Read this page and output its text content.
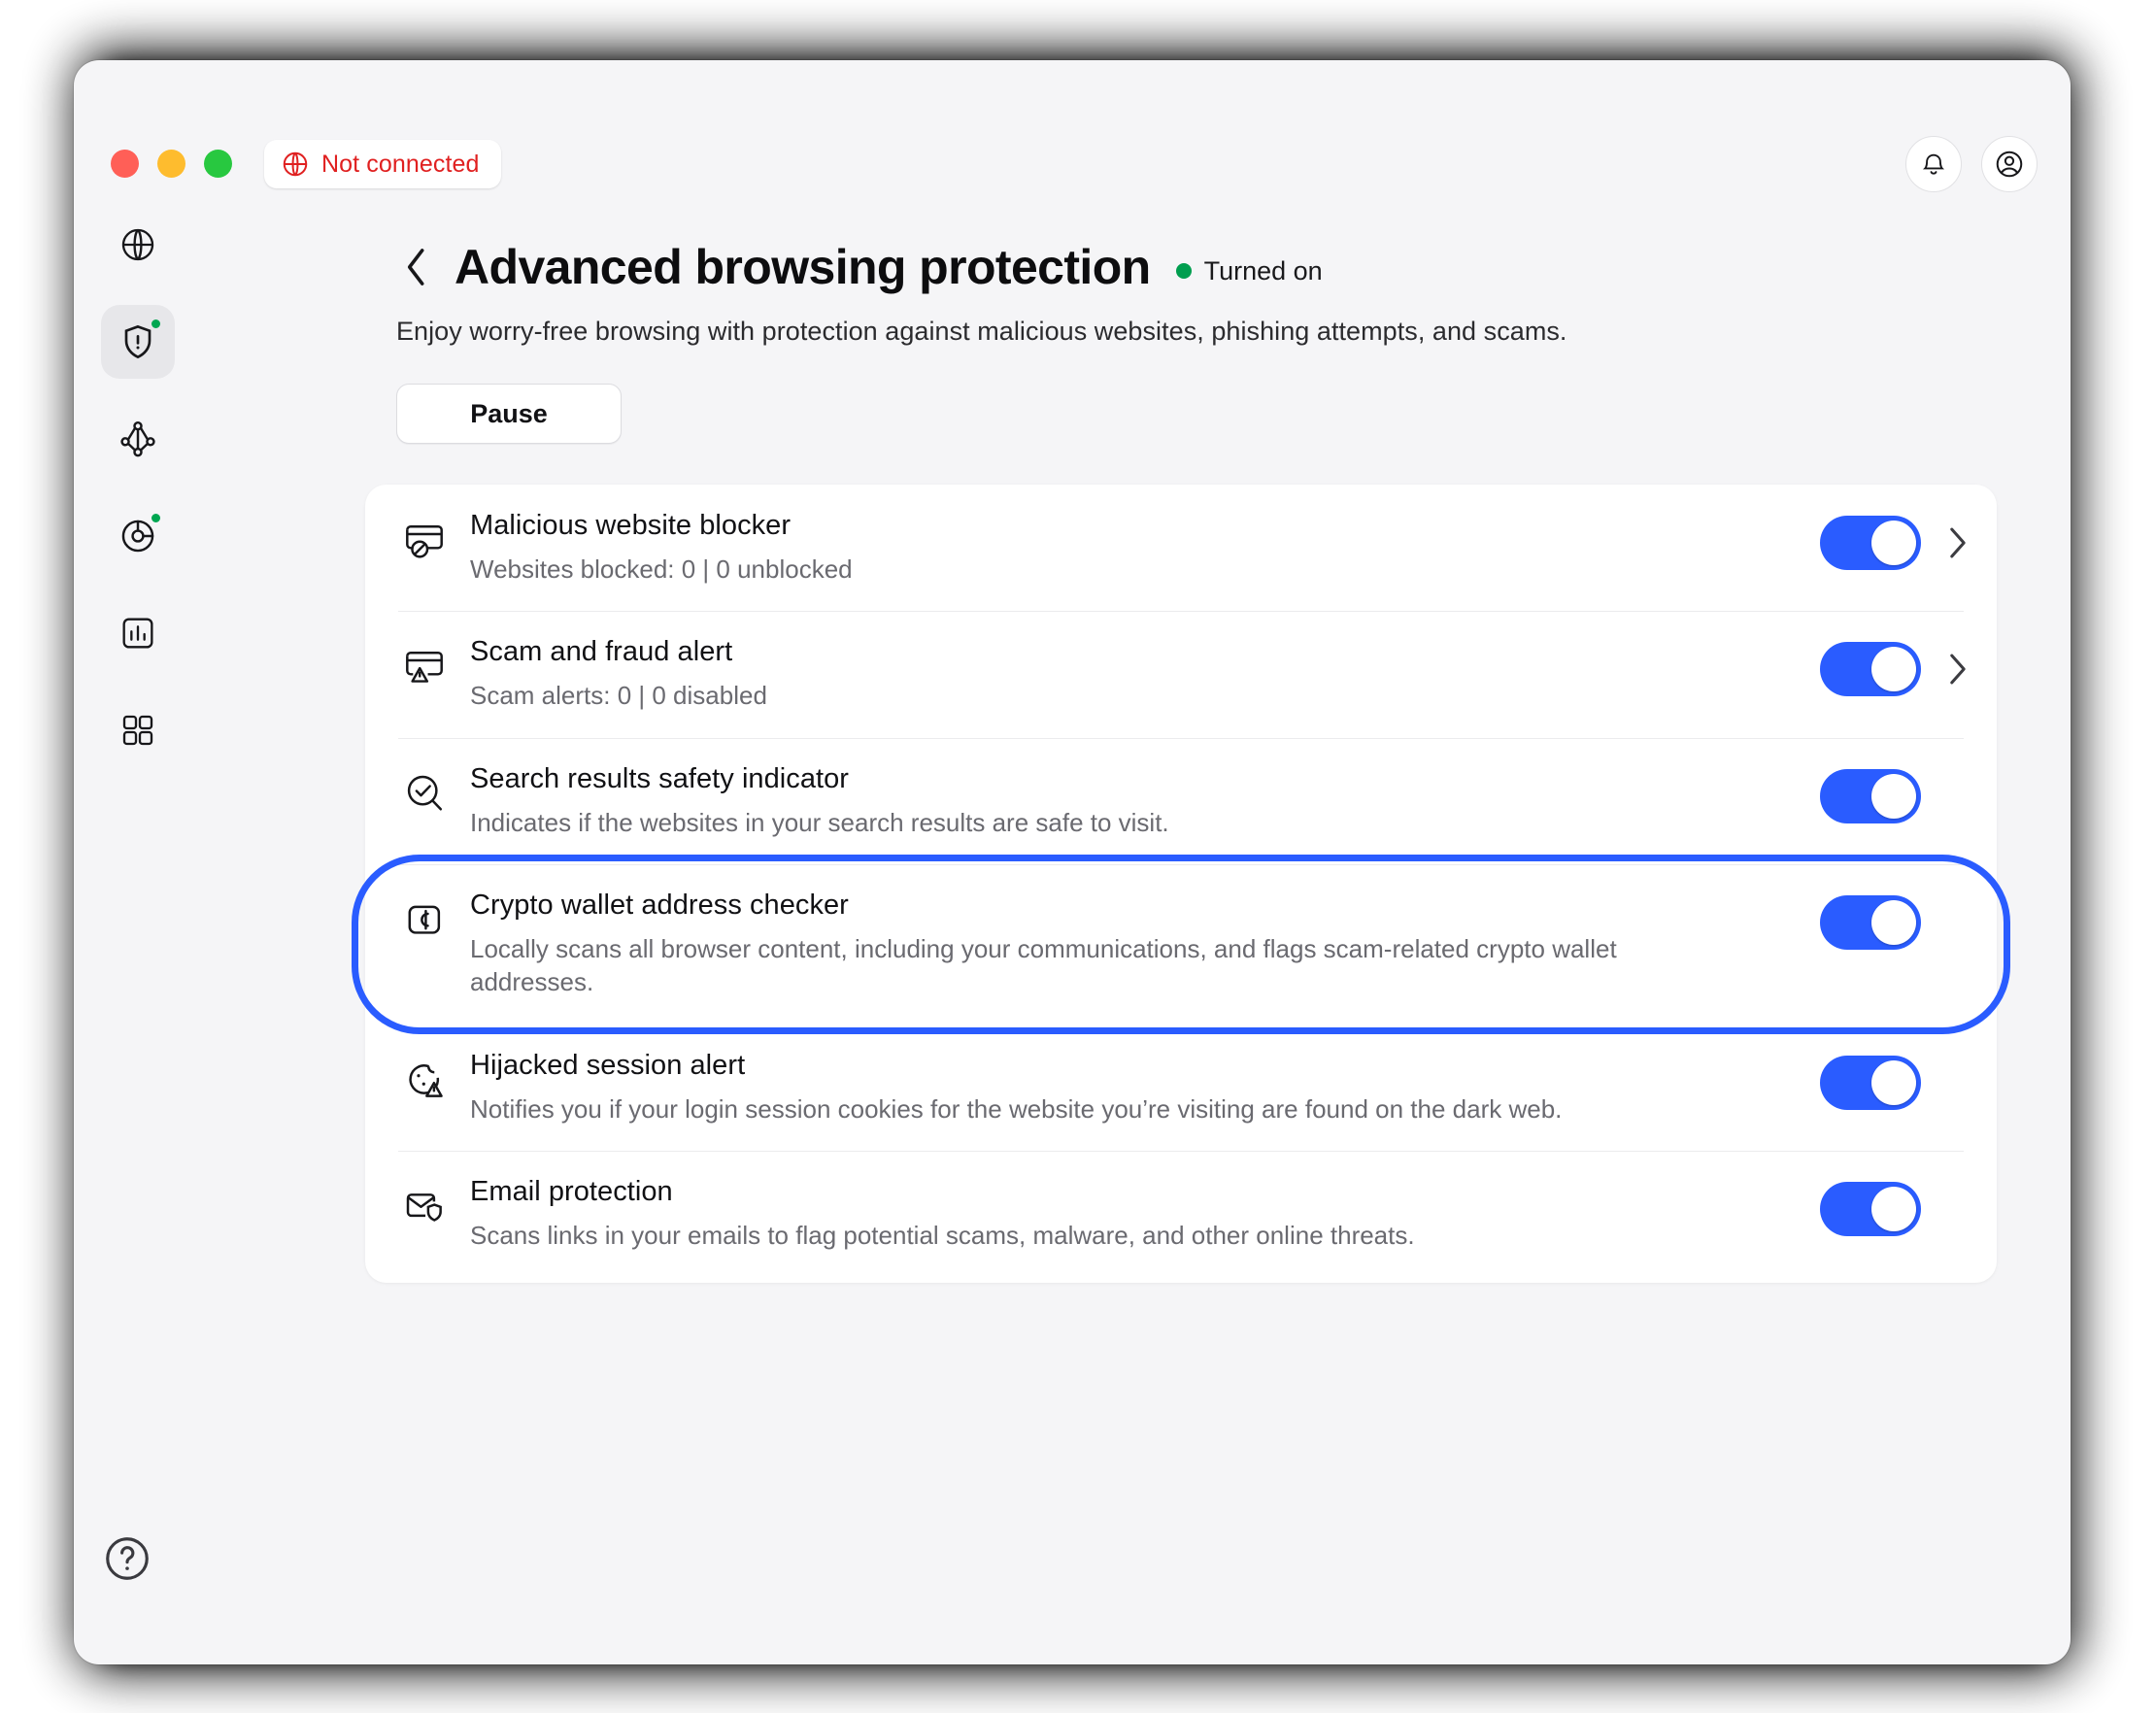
Not connected
Advanced browsing protection Turned on
Enjoy worry-free browsing with protection against malicious websites, phishing attempts, and scams.
Pause
Malicious website blocker
Websites blocked: 0 | 0 unblocked
Scam and fraud alert
Scam alerts: 0 | 0 disabled
Search results safety indicator
Indicates if the websites in your search results are safe to visit.
Crypto wallet address checker
Locally scans all browser content, including your communications, and flags scam-related crypto wallet addresses.
Hijacked session alert
Notifies you if your login session cookies for the website you’re visiting are found on the dark web.
Email protection
Scans links in your emails to flag potential scams, malware, and other online threats.
